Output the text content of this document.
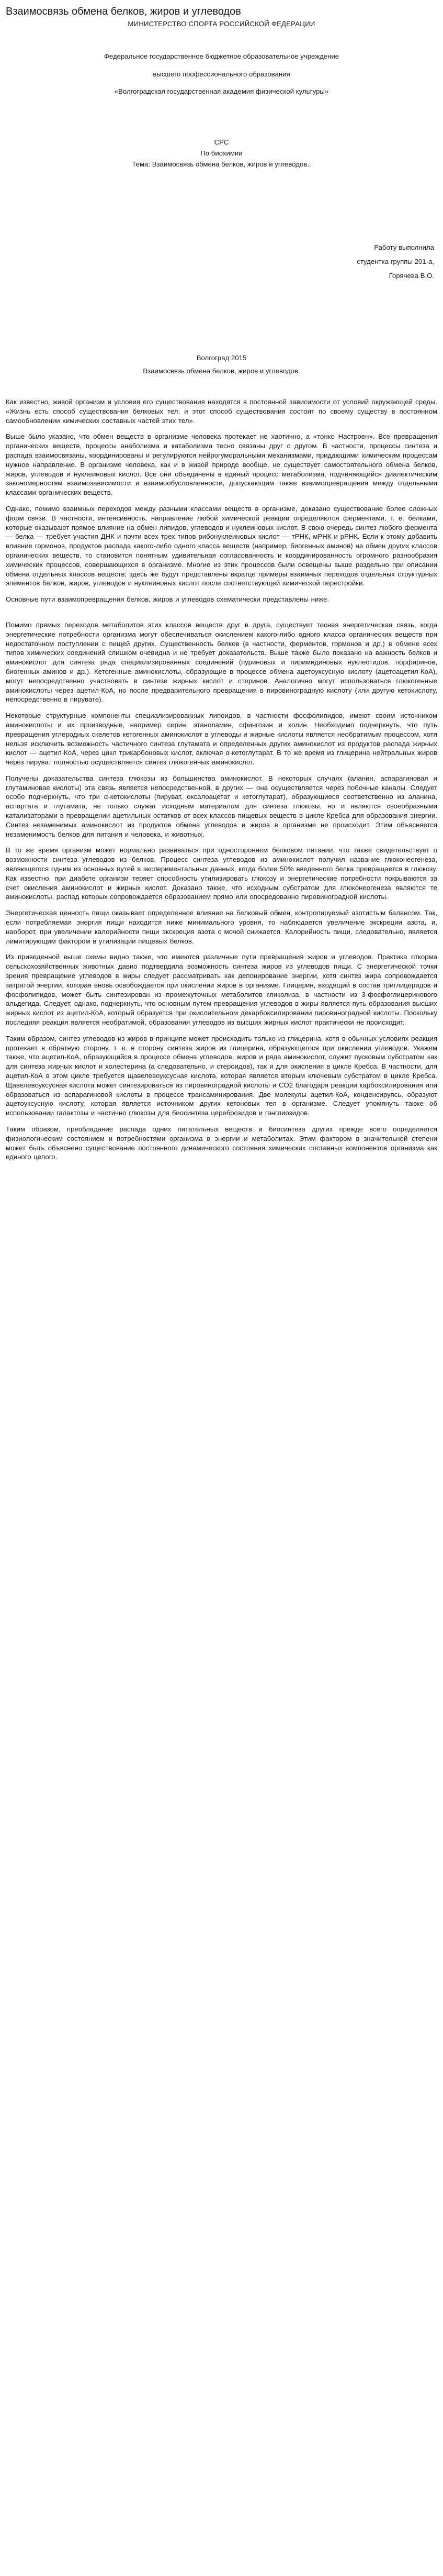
Взаимосвязь обмена белков, жиров и углеводов
МИНИСТЕРСТВО СПОРТА РОССИЙСКОЙ ФЕДЕРАЦИИ
Федеральное государственное бюджетное образовательное учреждение
высшего профессионального образования
«Волгоградская государственная академия физической культуры»
СРС
По биохимии
Тема: Взаимосвязь обмена белков, жиров и углеводов..
Работу выполнила
студентка группы 201-а,
Горячева В.О.
Волгоград 2015
Взаимосвязь обмена белков, жиров и углеводов.

Как известно, живой организм и условия его существования находятся в постоянной зависимости от условий окружающей среды. «Жизнь есть способ существования белковых тел, и этот способ существования состоит по своему существу в постоянном самообновлении химических составных частей этих тел».

Выше было указано, что обмен веществ в организме человека протекает не хаотично, а «тонко Настроен». Все превращения органических веществ, процессы анаболизма и катаболизма тесно связаны друг с другом. В частности, процессы синтеза и распада взаимосвязаны, координированы и регулируются нейрогуморальными механизмами, придающими химическим процессам нужное направление. В организме человека, как и в живой природе вообще, не существует самостоятельного обмена белков, жиров, углеводов и нуклеиновых кислот. Все они объединены в единый процесс метаболизма, подчиняющийся диалектическим закономерностям взаимозависимости и взаимообусловленности, допускающим также взаимопревращения между отдельными классами органических веществ.

Однако, помимо взаимных переходов между разными классами веществ в организме, доказано существование более сложных форм связи. В частности, интенсивность, направление любой химической реакции определяются ферментами, т. е. белками, которые оказывают прямое влияние на обмен липидов, углеводов и нуклеиновых кислот. В свою очередь синтез любого фермента — белка — требует участия ДНК и почти всех трех типов рибонуклеиновых кислот — тРНК, мРНК и рРНК. Если к этому добавить влияние гормонов, продуктов распада какого-либо одного класса веществ (например, биогенных аминов) на обмен других классов органических веществ, то становится понятным удивительная согласованность и координированность огромного разнообразия химических процессов, совершающихся в организме. Многие из этих процессов были освещены выше раздельно при описании обмена отдельных классов веществ; здесь же будут представлены вкратце примеры взаимных переходов отдельных структурных элементов белков, жиров, углеводов и нуклеиновых кислот после соответствующей химической перестройки.

Основные пути взаимопревращения белков, жиров и углеводов схематически представлены ниже.

Помимо прямых переходов метаболитов этих классов веществ друг в друга, существует тесная энергетическая связь, когда энергетические потребности организма могут обеспечиваться окислением какого-либо одного класса органических веществ при недостаточном поступлении с пищей других. Существенность белков (в частности, ферментов, гормонов и др.) в обмене всех типов химических соединений слишком очевидна и не требует доказательств. Выше также было показано на важность белков и аминокислот для синтеза ряда специализированных соединений (пуриновых и пиримидиновых нуклеотидов, порфиринов, биогенных аминов и др.). Кетогенные аминокислоты, образующие в процессе обмена ацетоуксусную кислоту (ацетоацетил-КоА), могут непосредственно участвовать в синтезе жирных кислот и стеринов. Аналогично могут использоваться глюкогенные аминокислоты через ацетил-КоА, но после предварительного превращения в пировиноградную кислоту (или другую кетокислоту, непосредственно в пирувате).

Некоторые структурные компоненты специализированных липоидов, в частности фосфолипидов, имеют своим источником аминокислоты и их производные, например серин, этаноламин, сфингозин и холин. Необходимо подчеркнуть, что путь превращения углеродных скелетов кетогенных аминокислот в углеводы и жирные кислоты является необратимым процессом, хотя нельзя исключить возможность частичного синтеза глутамата и определенных других аминокислот из продуктов распада жирных кислот — ацетил-КоА, через цикл трикарбоновых кислот, включая α-кетоглутарат. В то же время из глицерина нейтральных жиров через пируват полностью осуществляется синтез глюкогенных аминокислот.

Получены доказательства синтеза глюкозы из большинства аминокислот. В некоторых случаях (аланин, аспарагиновая и глутаминовая кислоты) эта связь является непосредственной, в других — она осуществляется через побочные каналы. Следует особо подчеркнуть, что три α-кетокислоты (пируват, оксалоацетат и кетоглутарат), образующиеся соответственно из аланина, аспартата и глутамата, не только служат исходным материалом для синтеза глюкозы, но и являются своеобразными катализаторами в превращении ацетильных остатков от всех классов пищевых веществ в цикле Кребса для образования энергии. Синтез незаменимых аминокислот из продуктов обмена углеводов и жиров в организме не происходит. Этим объясняется незаменимость белков для питания и человека, и животных.

В то же время организм может нормально развиваться при одностороннем белковом питании, что также свидетельствует о возможности синтеза углеводов из белков. Процесс синтеза углеводов из аминокислот получил название глюконеогенеза, являющегося одним из основных путей в экспериментальных данных, когда более 50% введенного белка превращается в глюкозу. Как известно, при диабете организм теряет способность утилизировать глюкозу и энергетические потребности покрываются за счет окисления аминокислот и жирных кислот. Доказано также, что исходным субстратом для глюконеогенеза являются те аминокислоты, распад которых сопровождается образованием прямо или опосредованно пировиноградной кислоты.

Энергетическая ценность пищи оказывает определенное влияние на белковый обмен, контролируемый азотистым балансом. Так, если потребляемая энергия пищи находится ниже минимального уровня, то наблюдается увеличение экскреции азота, и, наоборот, при увеличении калорийности пищи экскреция азота с мочой снижается. Калорийность пищи, следовательно, является лимитирующим фактором в утилизации пищевых белков.

Из приведенной выше схемы видно также, что имеются различные пути превращения жиров и углеводов. Практика откорма сельскохозяйственных животных давно подтвердила возможность синтеза жиров из углеводов пищи. С энергетической точки зрения превращение углеводов в жиры следует рассматривать как депонирование энергии, хотя синтез жира сопровождается затратой энергии, которая вновь освобождается при окислении жиров в организме. Глицерин, входящий в состав триглицеридов и фосфолипидов, может быть синтезирован из промежуточных метаболитов гликолиза, в частности из 3-фосфоглицеринового альдегида. Следует, однако, подчеркнуть, что основным путем превращения углеводов в жиры является путь образования высших жирных кислот из ацетил-КоА, который образуется при окислительном декарбоксилировании пировиноградной кислоты. Поскольку последняя реакция является необратимой, образования углеводов из высших жирных кислот практически не происходит.

Таким образом, синтез углеводов из жиров в принципе может происходить только из глицерина, хотя в обычных условиях реакция протекает в обратную сторону, т. е. в сторону синтеза жиров из глицерина, образующегося при окислении углеводов. Укажем также, что ацетил-КоА, образующийся в процессе обмена углеводов, жиров и ряда аминокислот, служит пусковым субстратом как для синтеза жирных кислот и холестерина (а следовательно, и стероидов), так и для окисления в цикле Кребса. В частности, для ацетил-КоА в этом цикле требуется щавелевоуксусная кислота, которая является вторым ключевым субстратом в цикле Кребса. Щавелевоуксусная кислота может синтезироваться из пировиноградной кислоты и CO2 благодаря реакции карбоксилирования или образоваться из аспарагиновой кислоты в процессе трансаминирования. Две молекулы ацетил-КоА, конденсируясь, образуют ацетоуксусную кислоту, которая является источником других кетоновых тел в организме. Следует упомянуть также об использовании галактозы и частично глюкозы для биосинтеза цереброзидов и ганглиозидов.

Таким образом, преобладание распада одних питательных веществ и биосинтеза других прежде всего определяется физиологическим состоянием и потребностями организма в энергии и метаболитах. Этим фактором в значительной степени может быть объяснено существование постоянного динамического состояния химических составных компонентов организма как единого целого.
